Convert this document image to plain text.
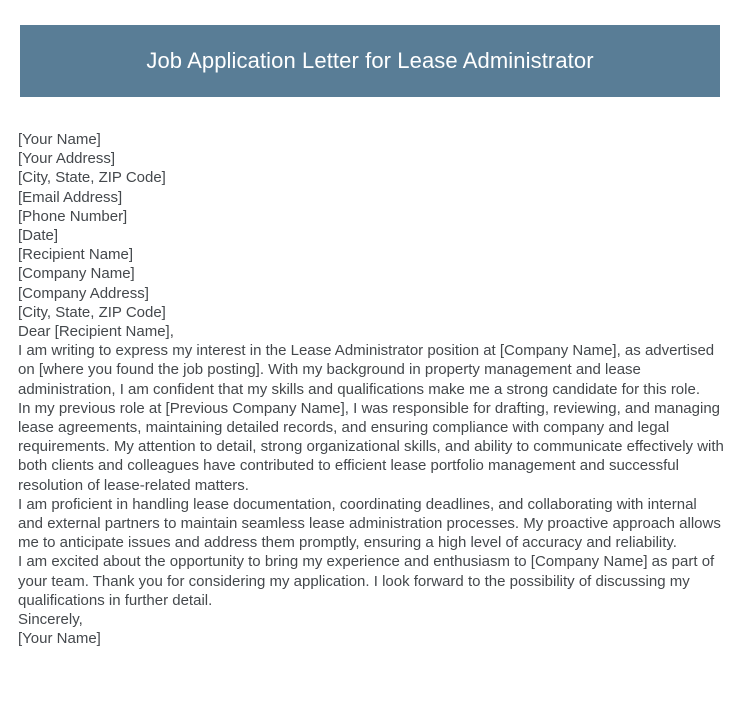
Job Application Letter for Lease Administrator
[Your Name]
[Your Address]
[City, State, ZIP Code]
[Email Address]
[Phone Number]
[Date]
[Recipient Name]
[Company Name]
[Company Address]
[City, State, ZIP Code]
Dear [Recipient Name],

I am writing to express my interest in the Lease Administrator position at [Company Name], as advertised on [where you found the job posting]. With my background in property management and lease administration, I am confident that my skills and qualifications make me a strong candidate for this role.

In my previous role at [Previous Company Name], I was responsible for drafting, reviewing, and managing lease agreements, maintaining detailed records, and ensuring compliance with company and legal requirements. My attention to detail, strong organizational skills, and ability to communicate effectively with both clients and colleagues have contributed to efficient lease portfolio management and successful resolution of lease-related matters.

I am proficient in handling lease documentation, coordinating deadlines, and collaborating with internal and external partners to maintain seamless lease administration processes. My proactive approach allows me to anticipate issues and address them promptly, ensuring a high level of accuracy and reliability.

I am excited about the opportunity to bring my experience and enthusiasm to [Company Name] as part of your team. Thank you for considering my application. I look forward to the possibility of discussing my qualifications in further detail.

Sincerely,
[Your Name]
